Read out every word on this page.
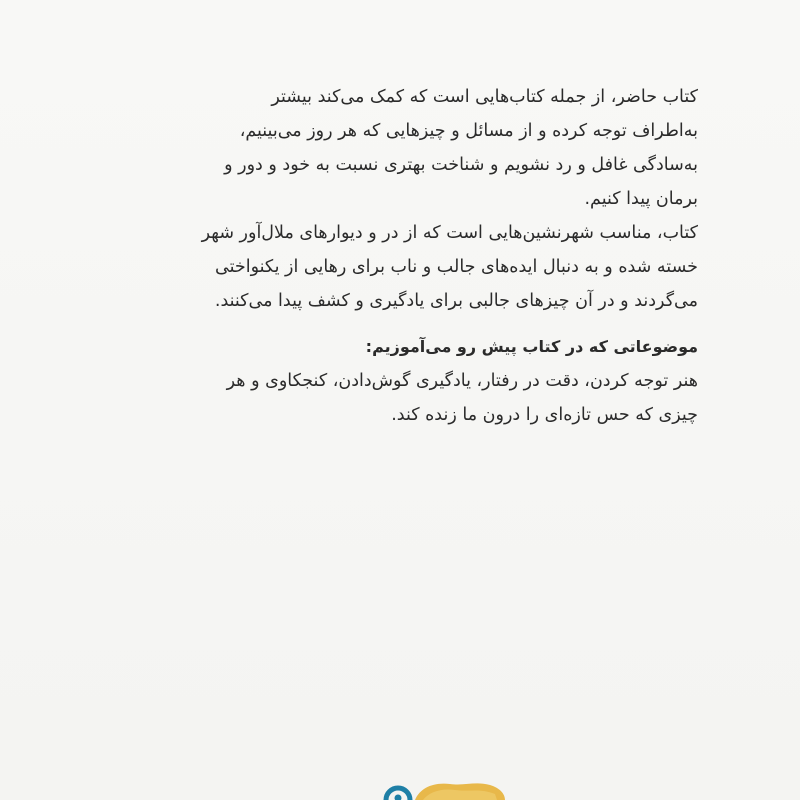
کتاب حاضر، از جمله کتاب‌هایی است که کمک می‌کند بیشتر
به‌اطراف توجه کرده و از مسائل و چیزهایی که هر روز می‌بینیم،
به‌سادگی غافل و رد نشویم و شناخت بهتری نسبت به خود و دور و
برمان پیدا کنیم.
کتاب، مناسب شهرنشین‌هایی است که از در و دیوارهای ملال‌آور شهر
خسته شده و به دنبال ایده‌های جالب و ناب برای رهایی از یکنواختی
می‌گردند و در آن چیزهای جالبی برای یادگیری و کشف پیدا می‌کنند.
موضوعاتی که در کتاب پیش رو می‌آموزیم:
هنر توجه کردن، دقت در رفتار، یادگیری گوش‌دادن، کنجکاوی و هر
چیزی که حس تازه‌ای را درون ما زنده کند.
